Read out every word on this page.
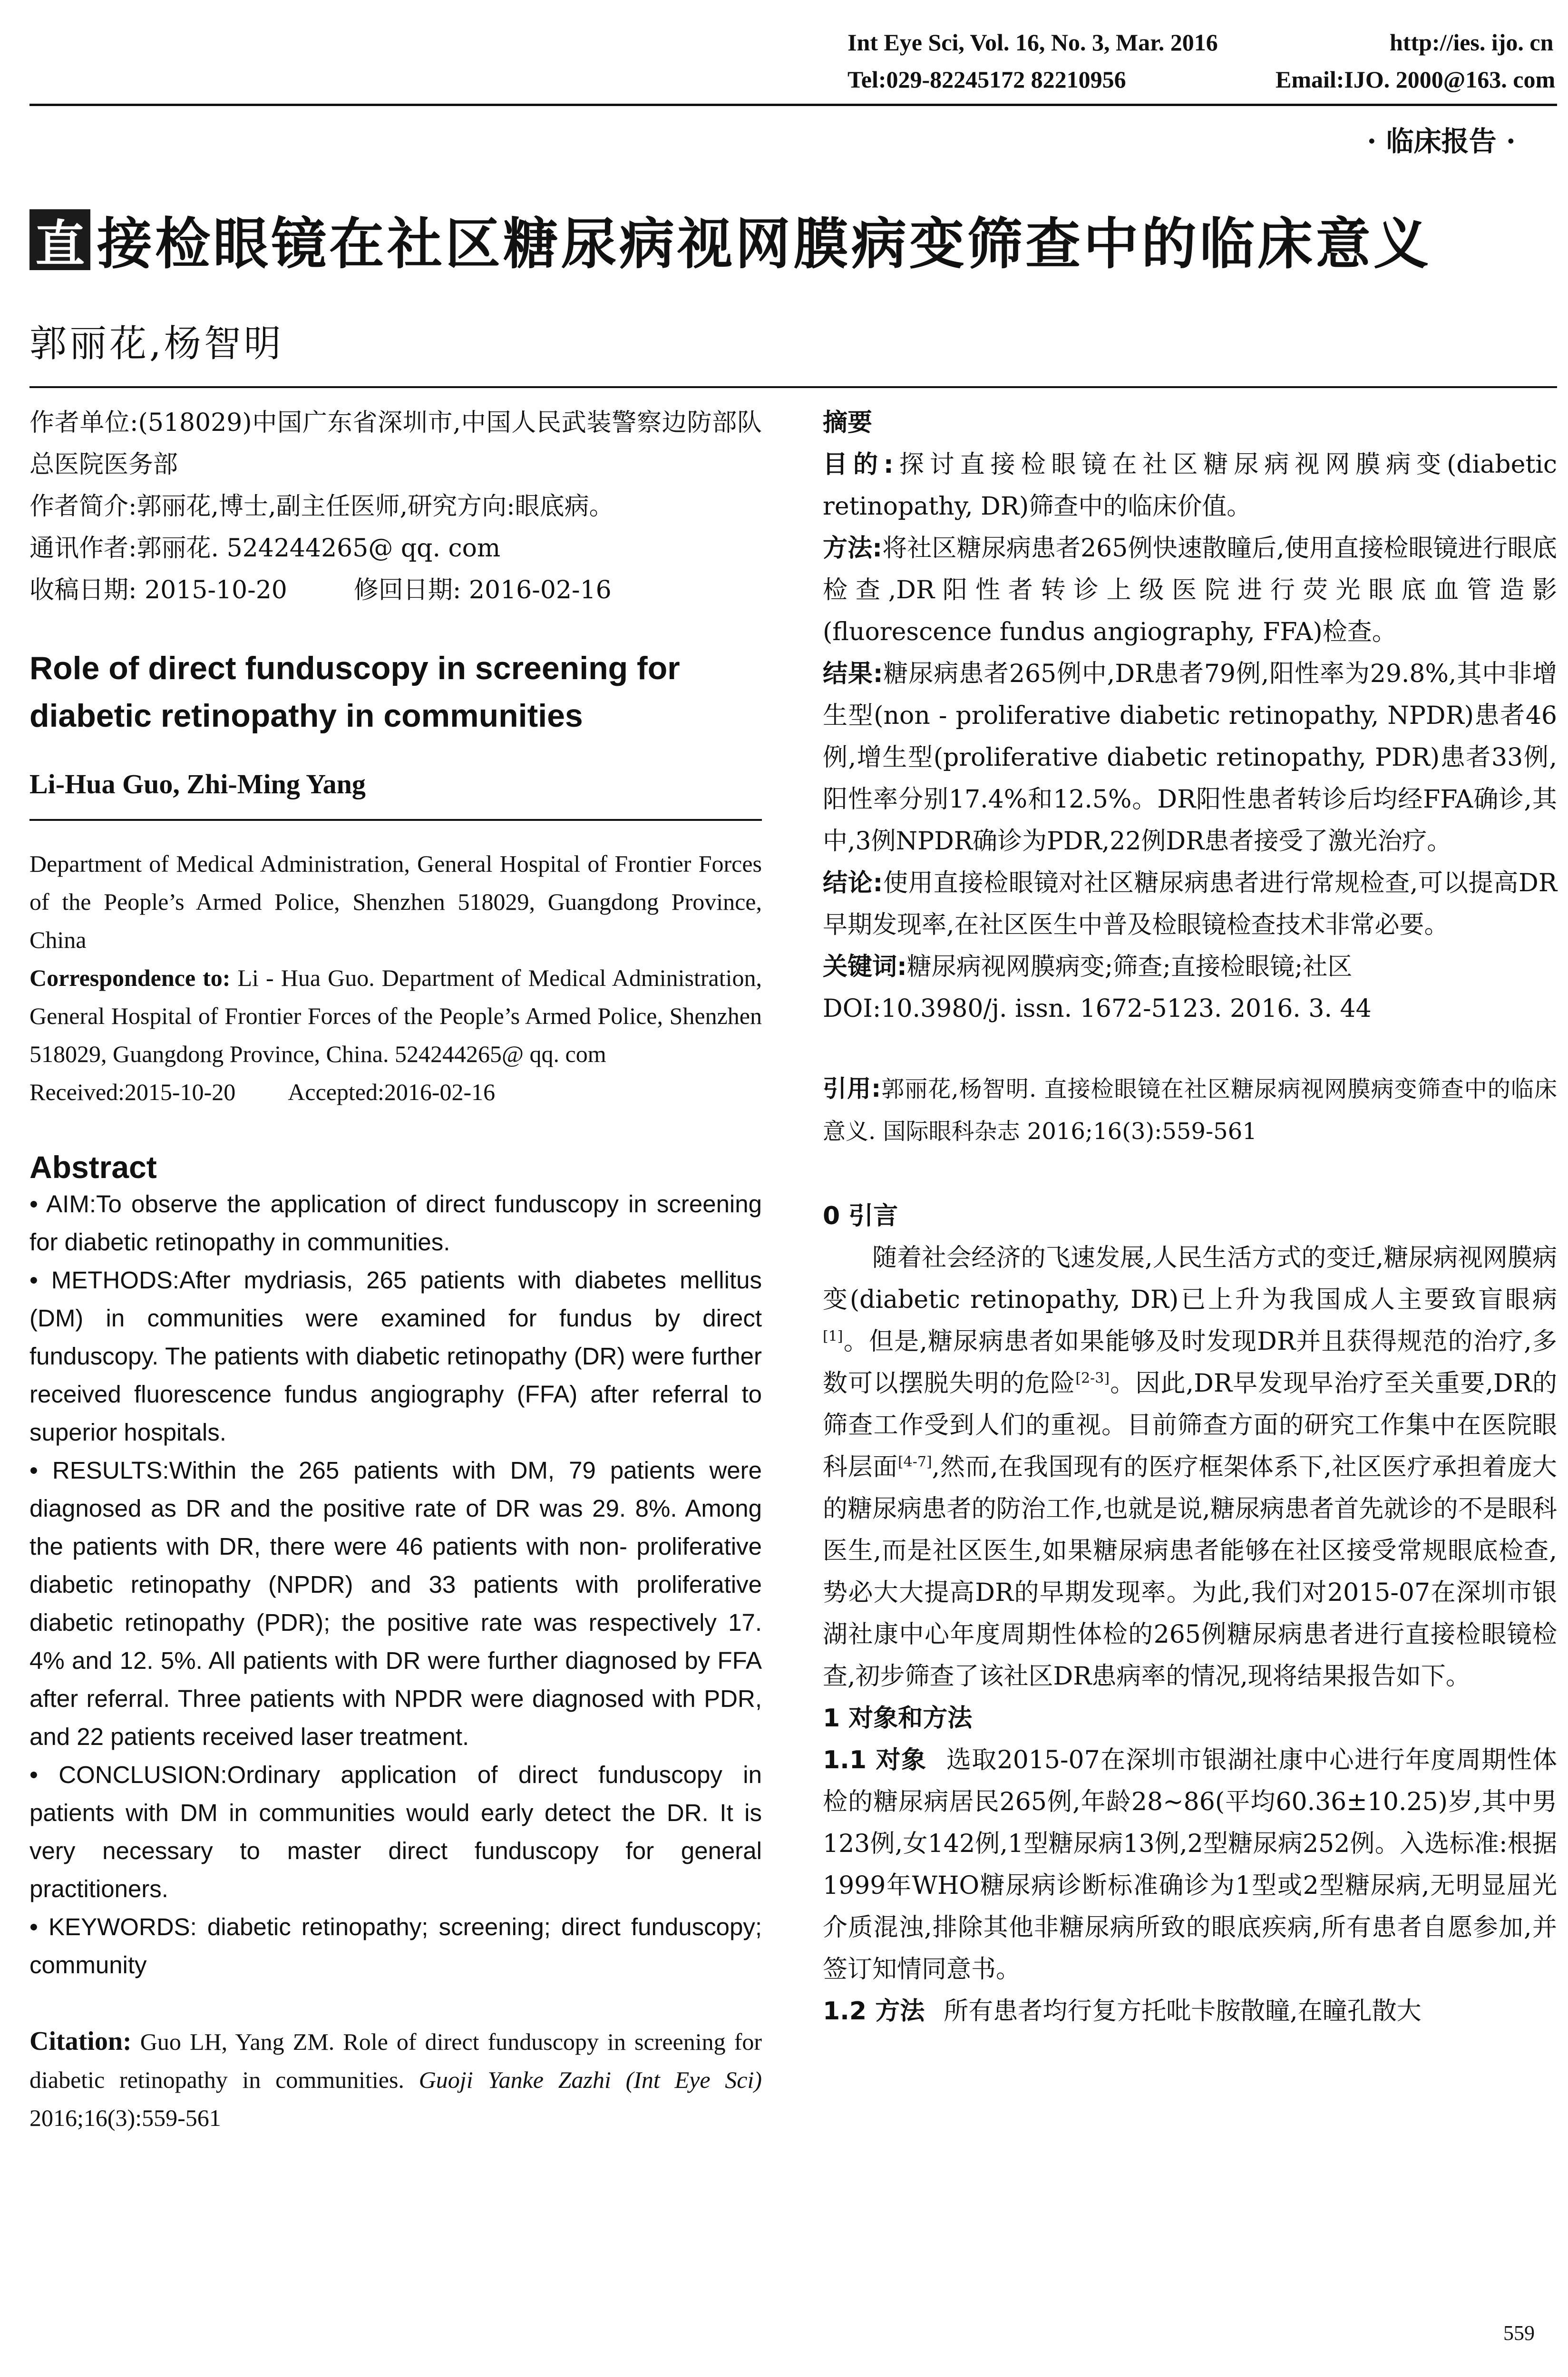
Int Eye Sci, Vol. 16, No. 3, Mar. 2016	http://ies. ijo. cn
Tel:029-82245172 82210956	Email:IJO. 2000@163. com
· 临床报告 ·
直 接检眼镜在社区糖尿病视网膜病变筛查中的临床意义
郭丽花,杨智明

作者单位:(518029)中国广东省深圳市,中国人民武装警察边防部队总医院医务部

作者简介:郭丽花,博士,副主任医师,研究方向:眼底病。

通讯作者:郭丽花. 524244265@ qq. com

收稿日期: 2015-10-20	修回日期: 2016-02-16

Role of direct funduscopy in screening for diabetic retinopathy in communities

Li-Hua Guo, Zhi-Ming Yang

Department of Medical Administration, General Hospital of Frontier Forces of the People’s Armed Police, Shenzhen 518029, Guangdong Province, China

Correspondence to: Li - Hua Guo. Department of Medical Administration, General Hospital of Frontier Forces of the People’s Armed Police, Shenzhen 518029, Guangdong Province, China. 524244265@ qq. com

Received:2015-10-20 Accepted:2016-02-16

Abstract

• AIM:To observe the application of direct funduscopy in screening for diabetic retinopathy in communities.

• METHODS:After mydriasis, 265 patients with diabetes mellitus (DM) in communities were examined for fundus by direct funduscopy. The patients with diabetic retinopathy (DR) were further received fluorescence fundus angiography (FFA) after referral to superior hospitals.

• RESULTS:Within the 265 patients with DM, 79 patients were diagnosed as DR and the positive rate of DR was 29. 8%. Among the patients with DR, there were 46 patients with non- proliferative diabetic retinopathy (NPDR) and 33 patients with proliferative diabetic retinopathy (PDR); the positive rate was respectively 17. 4% and 12. 5%. All patients with DR were further diagnosed by FFA after referral. Three patients with NPDR were diagnosed with PDR, and 22 patients received laser treatment.

• CONCLUSION:Ordinary application of direct funduscopy in patients with DM in communities would early detect the DR. It is very necessary to master direct funduscopy for general practitioners.

• KEYWORDS: diabetic retinopathy; screening; direct funduscopy; community

Citation: Guo LH, Yang ZM. Role of direct funduscopy in screening for diabetic retinopathy in communities. Guoji Yanke Zazhi (Int Eye Sci) 2016;16(3):559-561

摘要

目的:探讨直接检眼镜在社区糖尿病视网膜病变(diabetic retinopathy, DR)筛查中的临床价值。

方法:将社区糖尿病患者265例快速散瞳后,使用直接检眼镜进行眼底检查,DR阳性者转诊上级医院进行荧光眼底血管造影(fluorescence fundus angiography, FFA)检查。

结果:糖尿病患者265例中,DR患者79例,阳性率为29.8%,其中非增生型(non - proliferative diabetic retinopathy, NPDR)患者46例,增生型(proliferative diabetic retinopathy, PDR)患者33例,阳性率分别17.4%和12.5%。DR阳性患者转诊后均经FFA确诊,其中,3例NPDR确诊为PDR,22例DR患者接受了激光治疗。

结论:使用直接检眼镜对社区糖尿病患者进行常规检查,可以提高DR早期发现率,在社区医生中普及检眼镜检查技术非常必要。

关键词:糖尿病视网膜病变;筛查;直接检眼镜;社区

DOI:10.3980/j. issn. 1672-5123. 2016. 3. 44

引用:郭丽花,杨智明. 直接检眼镜在社区糖尿病视网膜病变筛查中的临床意义. 国际眼科杂志 2016;16(3):559-561

0 引言

随着社会经济的飞速发展,人民生活方式的变迁,糖尿病视网膜病变(diabetic retinopathy, DR)已上升为我国成人主要致盲眼病[1]。但是,糖尿病患者如果能够及时发现DR并且获得规范的治疗,多数可以摆脱失明的危险[2-3]。因此,DR早发现早治疗至关重要,DR的筛查工作受到人们的重视。目前筛查方面的研究工作集中在医院眼科层面[4-7],然而,在我国现有的医疗框架体系下,社区医疗承担着庞大的糖尿病患者的防治工作,也就是说,糖尿病患者首先就诊的不是眼科医生,而是社区医生,如果糖尿病患者能够在社区接受常规眼底检查,势必大大提高DR的早期发现率。为此,我们对2015-07在深圳市银湖社康中心年度周期性体检的265例糖尿病患者进行直接检眼镜检查,初步筛查了该社区DR患病率的情况,现将结果报告如下。

1 对象和方法

1.1 对象 选取2015-07在深圳市银湖社康中心进行年度周期性体检的糖尿病居民265例,年龄28~86(平均60.36±10.25)岁,其中男123例,女142例,1型糖尿病13例,2型糖尿病252例。入选标准:根据1999年WHO糖尿病诊断标准确诊为1型或2型糖尿病,无明显屈光介质混浊,排除其他非糖尿病所致的眼底疾病,所有患者自愿参加,并签订知情同意书。

1.2 方法 所有患者均行复方托吡卡胺散瞳,在瞳孔散大

559
